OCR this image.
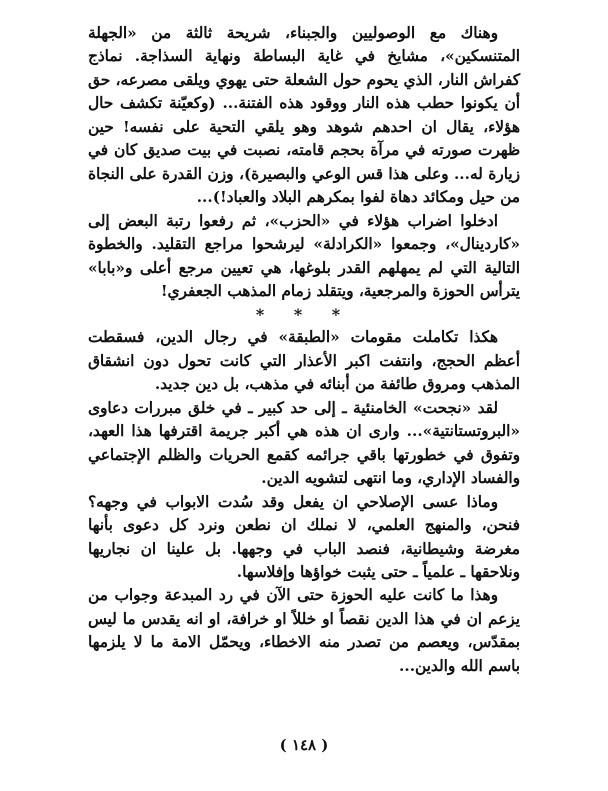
وهناك مع الوصوليين والجبناء، شريحة ثالثة من «الجهلة المتنسكين»، مشايخ في غاية البساطة ونهاية السذاجة. نماذج كفراش النار، الذي يحوم حول الشعلة حتى يهوي ويلقى مصرعه، حق أن يكونوا حطب هذه النار ووقود هذه الفتنة... (وكعيّنة تكشف حال هؤلاء، يقال ان احدهم شوهد وهو يلقي التحية على نفسه! حين ظهرت صورته في مرآة بحجم قامته، نصبت في بيت صديق كان في زيارة له... وعلى هذا قس الوعي والبصيرة)، وزن القدرة على النجاة من حيل ومكائد دهاة لفوا بمكرهم البلاد والعباد!)...

ادخلوا اضراب هؤلاء في «الحزب»، ثم رفعوا رتبة البعض إلى «كاردينال»، وجمعوا «الكرادلة» ليرشحوا مراجع التقليد. والخطوة التالية التي لم يمهلهم القدر بلوغها، هي تعيين مرجع أعلى و«بابا» يترأس الحوزة والمرجعية، ويتقلد زمام المذهب الجعفري!

* * *

هكذا تكاملت مقومات «الطبقة» في رجال الدين، فسقطت أعظم الحجج، وانتفت اكبر الأعذار التي كانت تحول دون انشقاق المذهب ومروق طائفة من أبنائه في مذهب، بل دين جديد.

لقد «نجحت» الخامنئية ـ إلى حد كبير ـ في خلق مبررات دعاوى «البروتستانتية»... وارى ان هذه هي أكبر جريمة اقترفها هذا العهد، وتفوق في خطورتها باقي جرائمه كقمع الحريات والظلم الإجتماعي والفساد الإداري، وما انتهى لتشويه الدين.

وماذا عسى الإصلاحي ان يفعل وقد سُدت الابواب في وجهه؟ فنحن، والمنهج العلمي، لا نملك ان نطعن ونرد كل دعوى بأنها مغرضة وشيطانية، فنصد الباب في وجهها. بل علينا ان نجاريها ونلاحقها ـ علمياً ـ حتى يثبت خواؤها وإفلاسها.

وهذا ما كانت عليه الحوزة حتى الآن في رد المبدعة وجواب من يزعم ان في هذا الدين نقصاً او خللاً او خرافة، او انه يقدس ما ليس بمقدّس، ويعصم من تصدر منه الاخطاء، ويحمّل الامة ما لا يلزمها باسم الله والدين...

( ١٤٨ )
